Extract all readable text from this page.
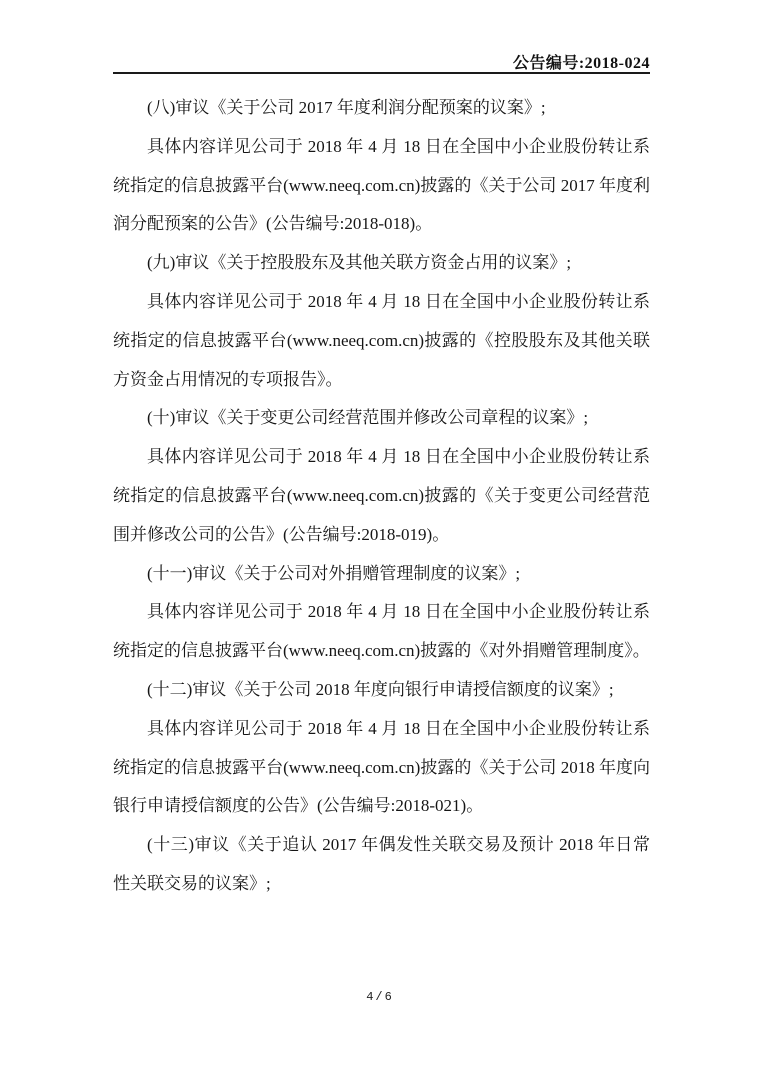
公告编号:2018-024

(八)审议《关于公司 2017 年度利润分配预案的议案》;

具体内容详见公司于 2018 年 4 月 18 日在全国中小企业股份转让系统指定的信息披露平台(www.neeq.com.cn)披露的《关于公司 2017 年度利润分配预案的公告》(公告编号:2018-018)。

(九)审议《关于控股股东及其他关联方资金占用的议案》;

具体内容详见公司于 2018 年 4 月 18 日在全国中小企业股份转让系统指定的信息披露平台(www.neeq.com.cn)披露的《控股股东及其他关联方资金占用情况的专项报告》。

(十)审议《关于变更公司经营范围并修改公司章程的议案》;

具体内容详见公司于 2018 年 4 月 18 日在全国中小企业股份转让系统指定的信息披露平台(www.neeq.com.cn)披露的《关于变更公司经营范围并修改公司的公告》(公告编号:2018-019)。

(十一)审议《关于公司对外捐赠管理制度的议案》;

具体内容详见公司于 2018 年 4 月 18 日在全国中小企业股份转让系统指定的信息披露平台(www.neeq.com.cn)披露的《对外捐赠管理制度》。

(十二)审议《关于公司 2018 年度向银行申请授信额度的议案》;

具体内容详见公司于 2018 年 4 月 18 日在全国中小企业股份转让系统指定的信息披露平台(www.neeq.com.cn)披露的《关于公司 2018 年度向银行申请授信额度的公告》(公告编号:2018-021)。

(十三)审议《关于追认 2017 年偶发性关联交易及预计 2018 年日常性关联交易的议案》;

4/6
